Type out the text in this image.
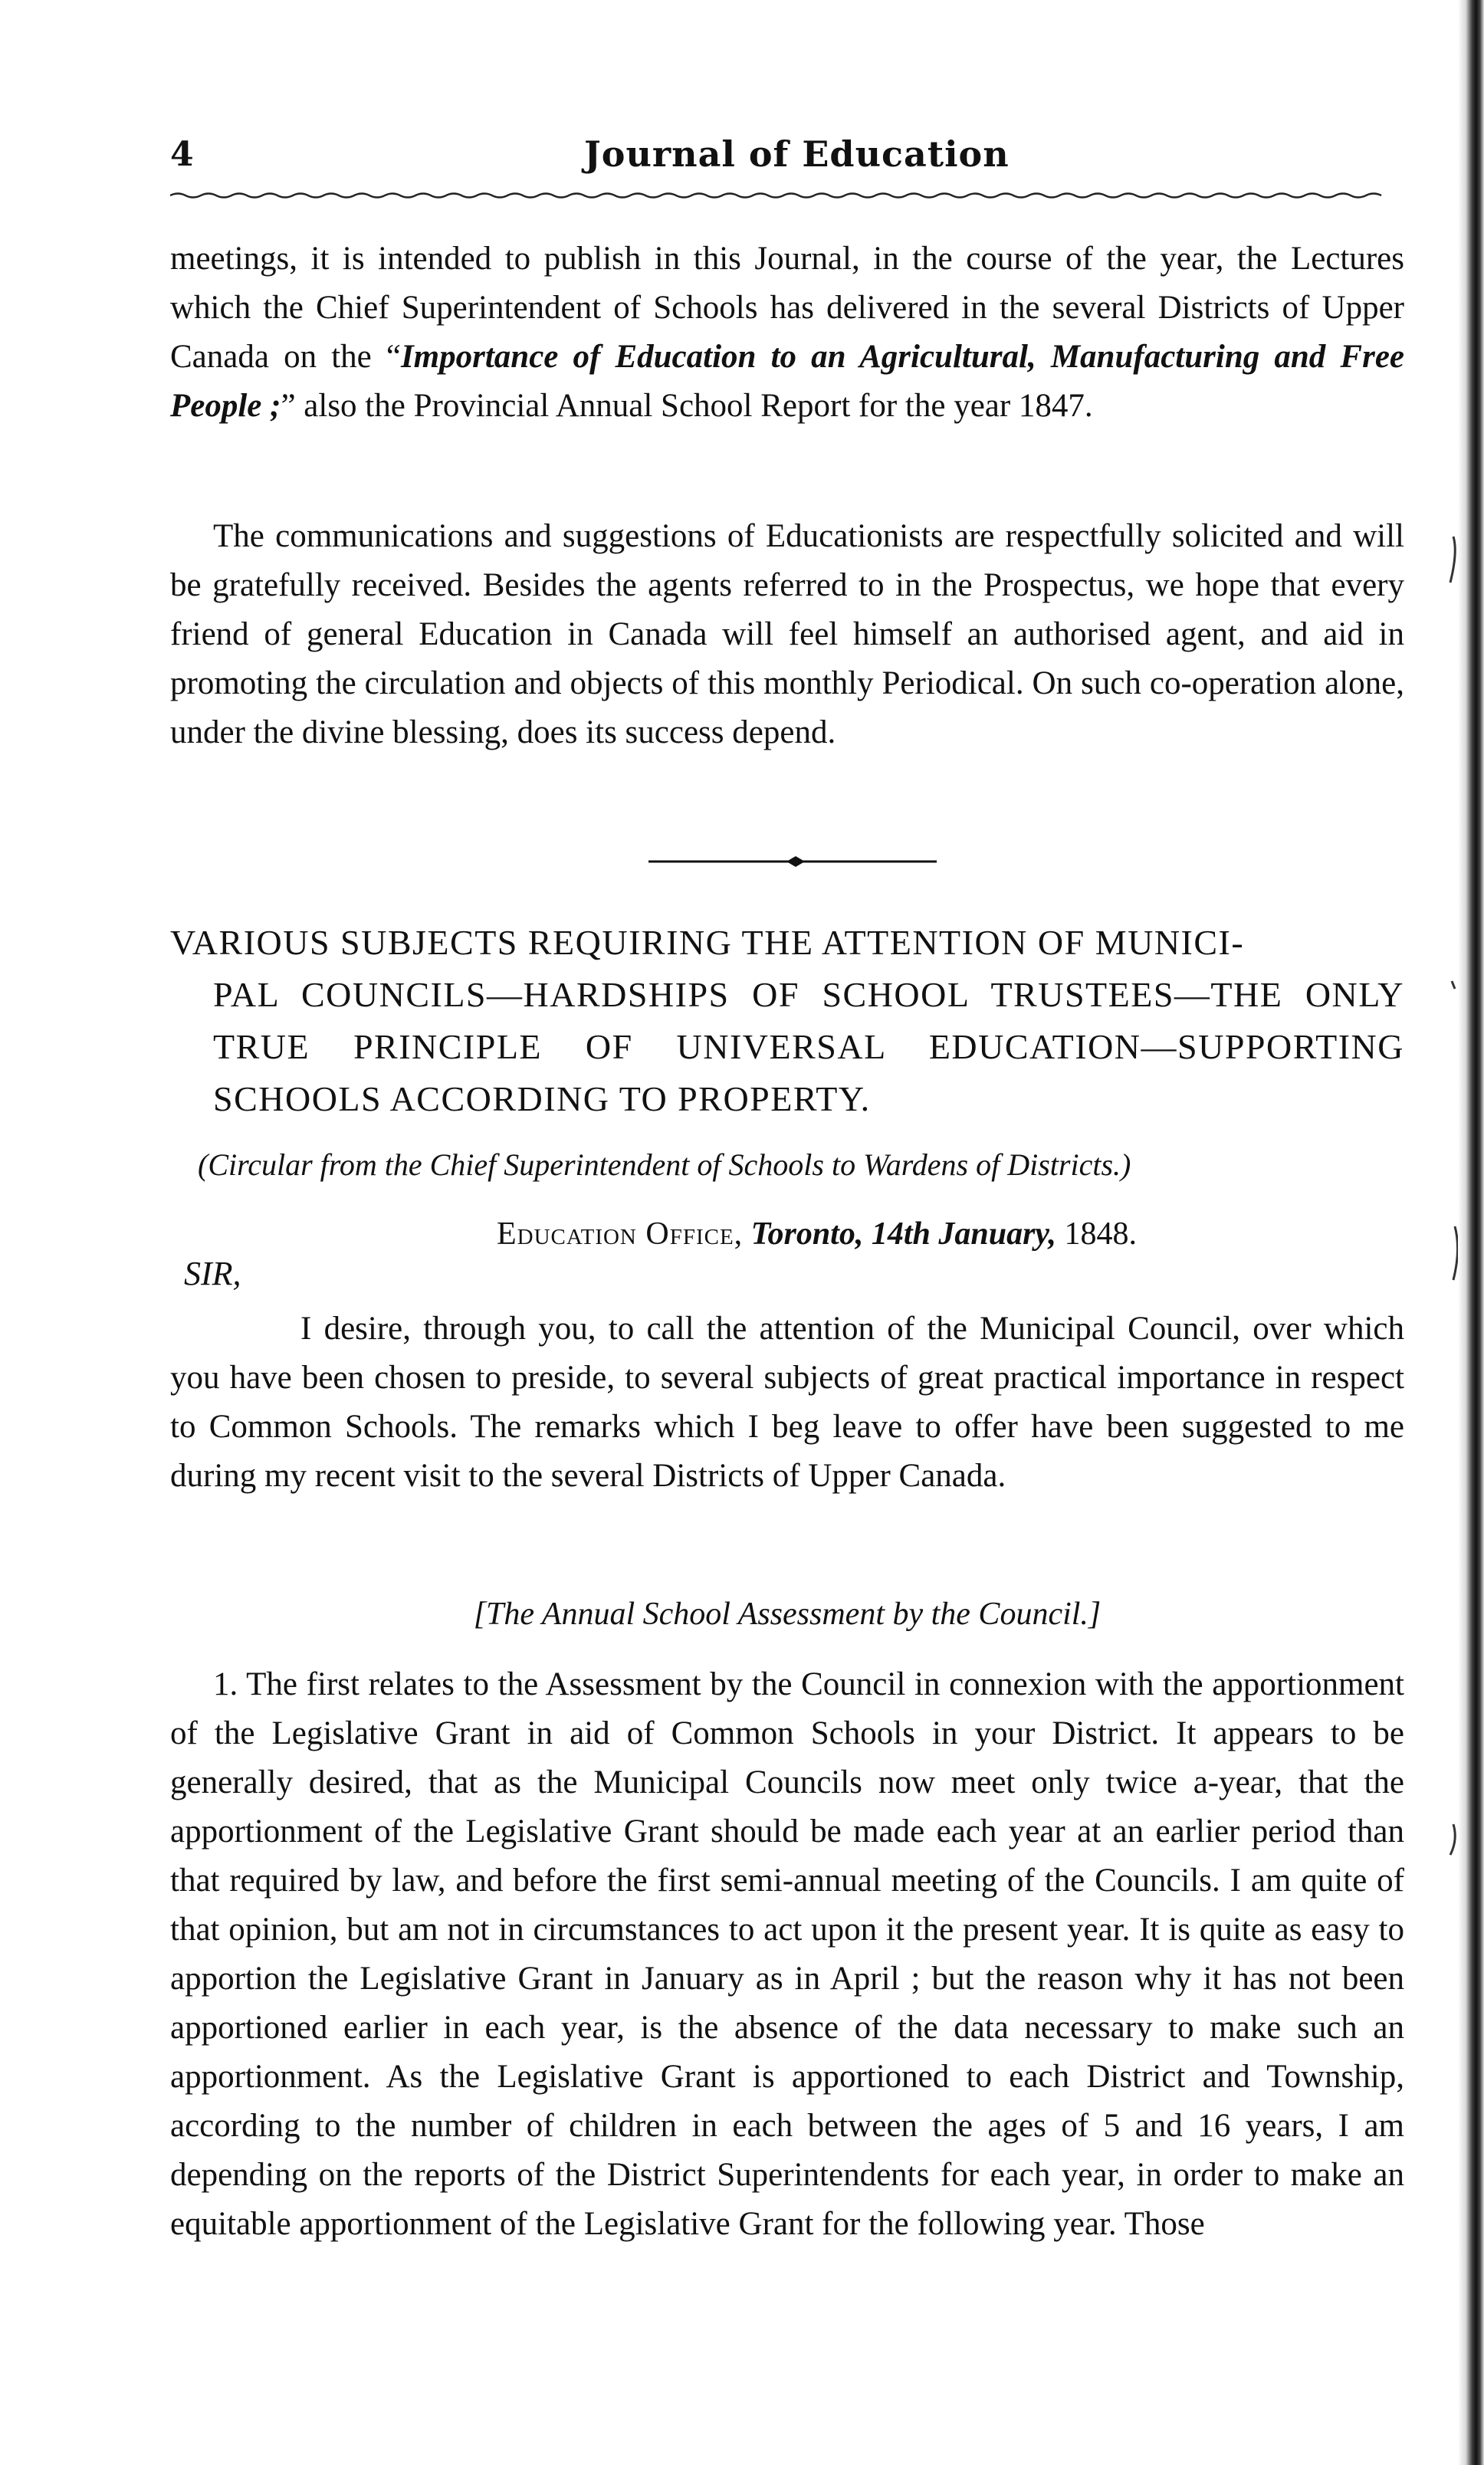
4	Journal of Education

meetings, it is intended to publish in this Journal, in the course of the year, the Lectures which the Chief Superintendent of Schools has delivered in the several Districts of Upper Canada on the “Importance of Education to an Agricultural, Manufacturing and Free People ;” also the Provincial Annual School Report for the year 1847.

The communications and suggestions of Educationists are respectfully solicited and will be gratefully received. Besides the agents referred to in the Prospectus, we hope that every friend of general Education in Canada will feel himself an authorised agent, and aid in promoting the circulation and objects of this monthly Periodical. On such co-operation alone, under the divine blessing, does its success depend.

VARIOUS SUBJECTS REQUIRING THE ATTENTION OF MUNICI-
PAL COUNCILS—HARDSHIPS OF SCHOOL TRUSTEES—THE ONLY TRUE PRINCIPLE OF UNIVERSAL EDUCATION—SUPPORTING SCHOOLS ACCORDING TO PROPERTY.
(Circular from the Chief Superintendent of Schools to Wardens of Districts.)
Education Office, Toronto, 14th January, 1848.
SIR,

I desire, through you, to call the attention of the Municipal Council, over which you have been chosen to preside, to several subjects of great practical importance in respect to Common Schools. The remarks which I beg leave to offer have been suggested to me during my recent visit to the several Districts of Upper Canada.

[The Annual School Assessment by the Council.]

1. The first relates to the Assessment by the Council in connexion with the apportionment of the Legislative Grant in aid of Common Schools in your District. It appears to be generally desired, that as the Municipal Councils now meet only twice a-year, that the apportionment of the Legislative Grant should be made each year at an earlier period than that required by law, and before the first semi-annual meeting of the Councils. I am quite of that opinion, but am not in circumstances to act upon it the present year. It is quite as easy to apportion the Legislative Grant in January as in April ; but the reason why it has not been apportioned earlier in each year, is the absence of the data necessary to make such an apportionment. As the Legislative Grant is apportioned to each District and Township, according to the number of children in each between the ages of 5 and 16 years, I am depending on the reports of the District Superintendents for each year, in order to make an equitable apportionment of the Legislative Grant for the following year. Those
